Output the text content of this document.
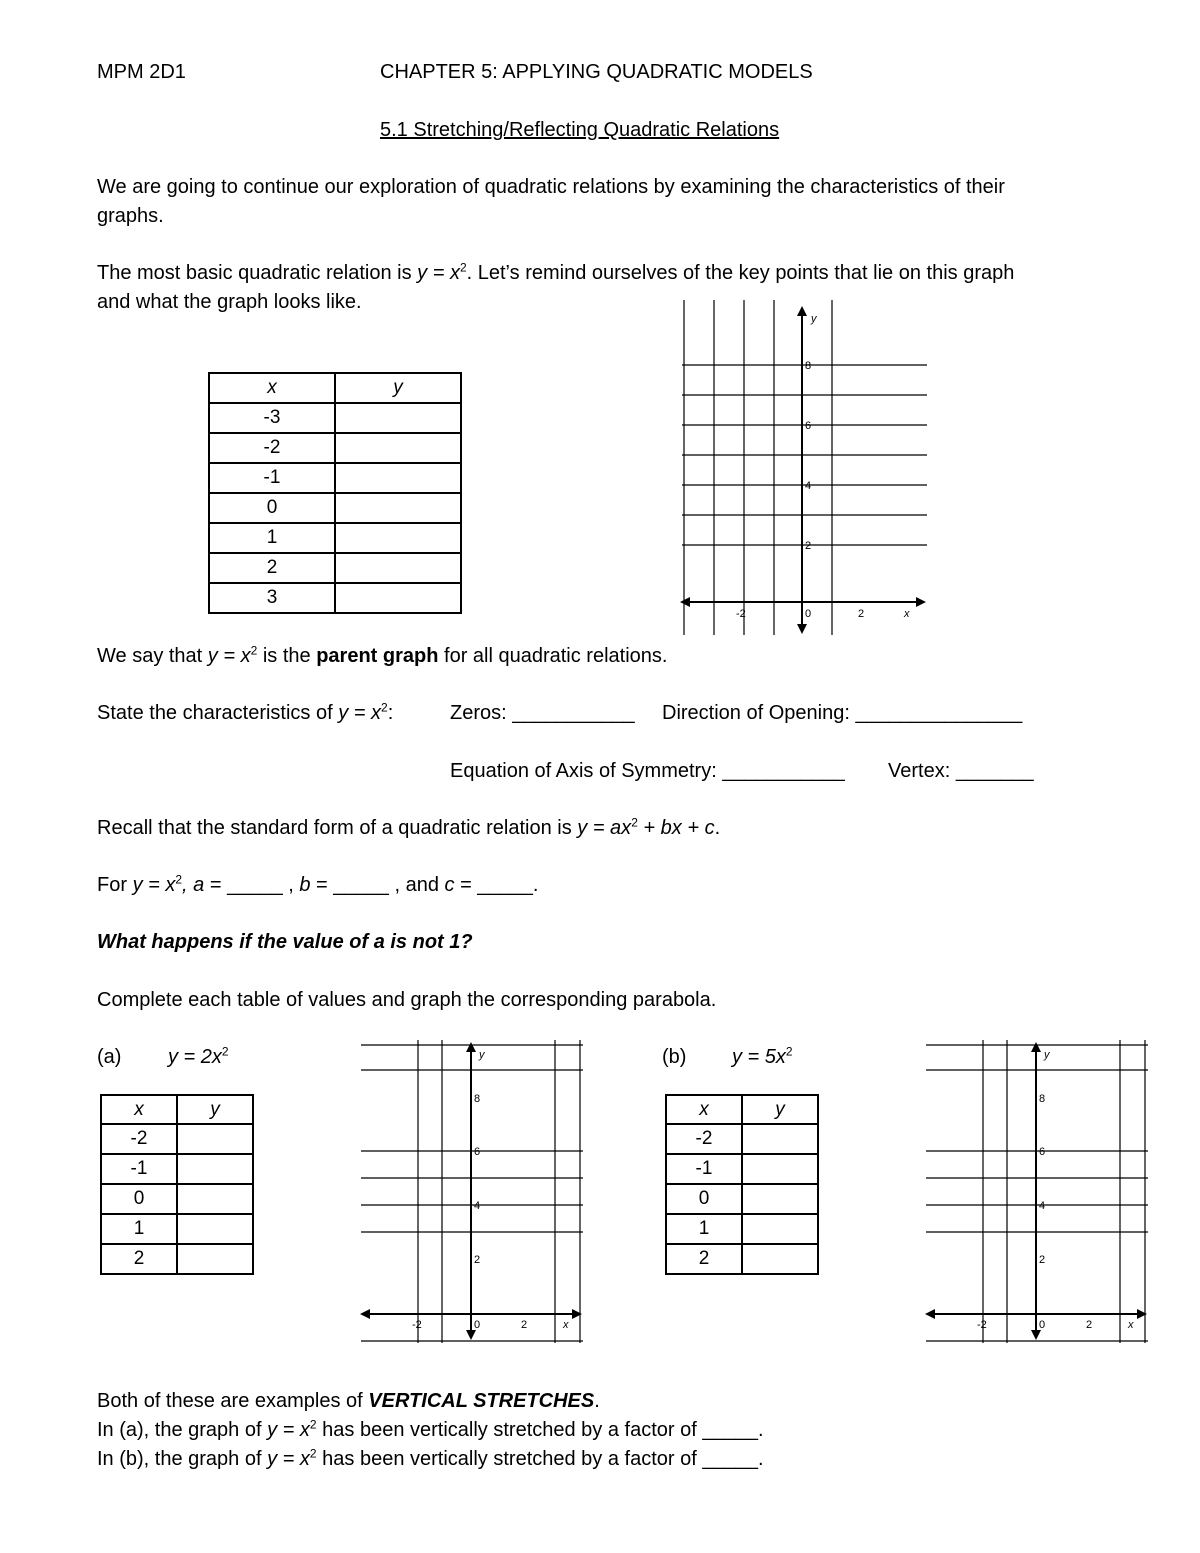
MPM 2D1	CHAPTER 5: APPLYING QUADRATIC MODELS
5.1 Stretching/Reflecting Quadratic Relations
We are going to continue our exploration of quadratic relations by examining the characteristics of their
graphs.
The most basic quadratic relation is $y = x^2$. Let’s remind ourselves of the key points that lie on this graph
and what the graph looks like.
x	y
-3	
-2	
-1	
0	
1	
2	
3	
y
x
8
6
4
2
-2	0	2
We say that $y = x^2$ is the parent graph for all quadratic relations.
State the characteristics of $y = x^2$:	Zeros: ___________ Direction of Opening: _______________
Equation of Axis of Symmetry: ___________ Vertex: _______
Recall that the standard form of a quadratic relation is $y = ax^2$ + bx + c.
For $y = x^2$, a = _____ , b = _____ , and c = _____.
What happens if the value of a is not 1?
Complete each table of values and graph the corresponding parabola.
(a) $y = 2x^2$
x	y
-2	
-1	
0	
1	
2	
y
x
8
6
4
2
-2	0	2
(b) $y = 5x^2$
x	y
-2	
-1	
0	
1	
2	
y
x
8
6
4
2
-2	0	2
Both of these are examples of VERTICAL STRETCHES.
In (a), the graph of $y = x^2$ has been vertically stretched by a factor of _____.
In (b), the graph of $y = x^2$ has been vertically stretched by a factor of _____.
